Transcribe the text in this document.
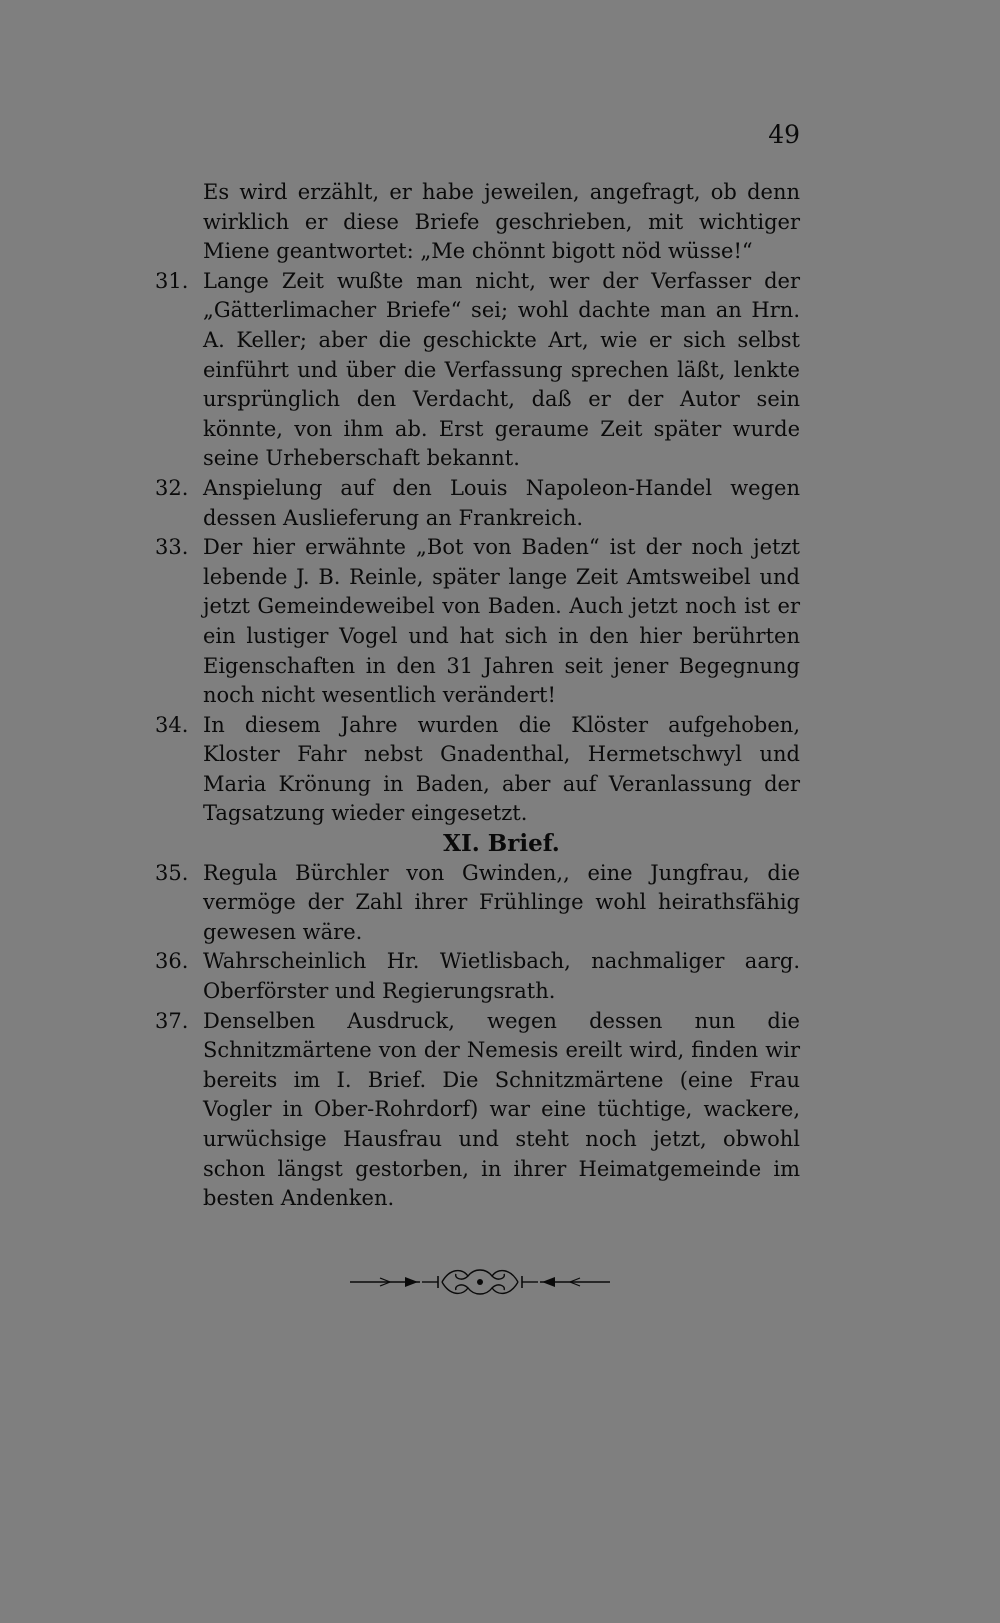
49
Es wird erzählt, er habe jeweilen, angefragt, ob denn wirklich er diese Briefe geschrieben, mit wichtiger Miene geantwortet: „Me chönnt bigott nöd wüsse!“
31. Lange Zeit wußte man nicht, wer der Verfasser der „Gätterlimacher Briefe“ sei; wohl dachte man an Hrn. A. Keller; aber die geschickte Art, wie er sich selbst einführt und über die Verfassung sprechen läßt, lenkte ursprünglich den Verdacht, daß er der Autor sein könnte, von ihm ab. Erst geraume Zeit später wurde seine Urheberschaft bekannt.
32. Anspielung auf den Louis Napoleon-Handel wegen dessen Auslieferung an Frankreich.
33. Der hier erwähnte „Bot von Baden“ ist der noch jetzt lebende J. B. Reinle, später lange Zeit Amtsweibel und jetzt Gemeindeweibel von Baden. Auch jetzt noch ist er ein lustiger Vogel und hat sich in den hier berührten Eigenschaften in den 31 Jahren seit jener Begegnung noch nicht wesentlich verändert!
34. In diesem Jahre wurden die Klöster aufgehoben, Kloster Fahr nebst Gnadenthal, Hermetschwyl und Maria Krönung in Baden, aber auf Veranlassung der Tagsatzung wieder eingesetzt.
XI. Brief.
35. Regula Bürchler von Gwinden,, eine Jungfrau, die vermöge der Zahl ihrer Frühlinge wohl heirathsfähig gewesen wäre.
36. Wahrscheinlich Hr. Wietlisbach, nachmaliger aarg. Oberförster und Regierungsrath.
37. Denselben Ausdruck, wegen dessen nun die Schnitzmärtene von der Nemesis ereilt wird, finden wir bereits im I. Brief. Die Schnitzmärtene (eine Frau Vogler in Ober-Rohrdorf) war eine tüchtige, wackere, urwüchsige Hausfrau und steht noch jetzt, obwohl schon längst gestorben, in ihrer Heimatgemeinde im besten Andenken.
